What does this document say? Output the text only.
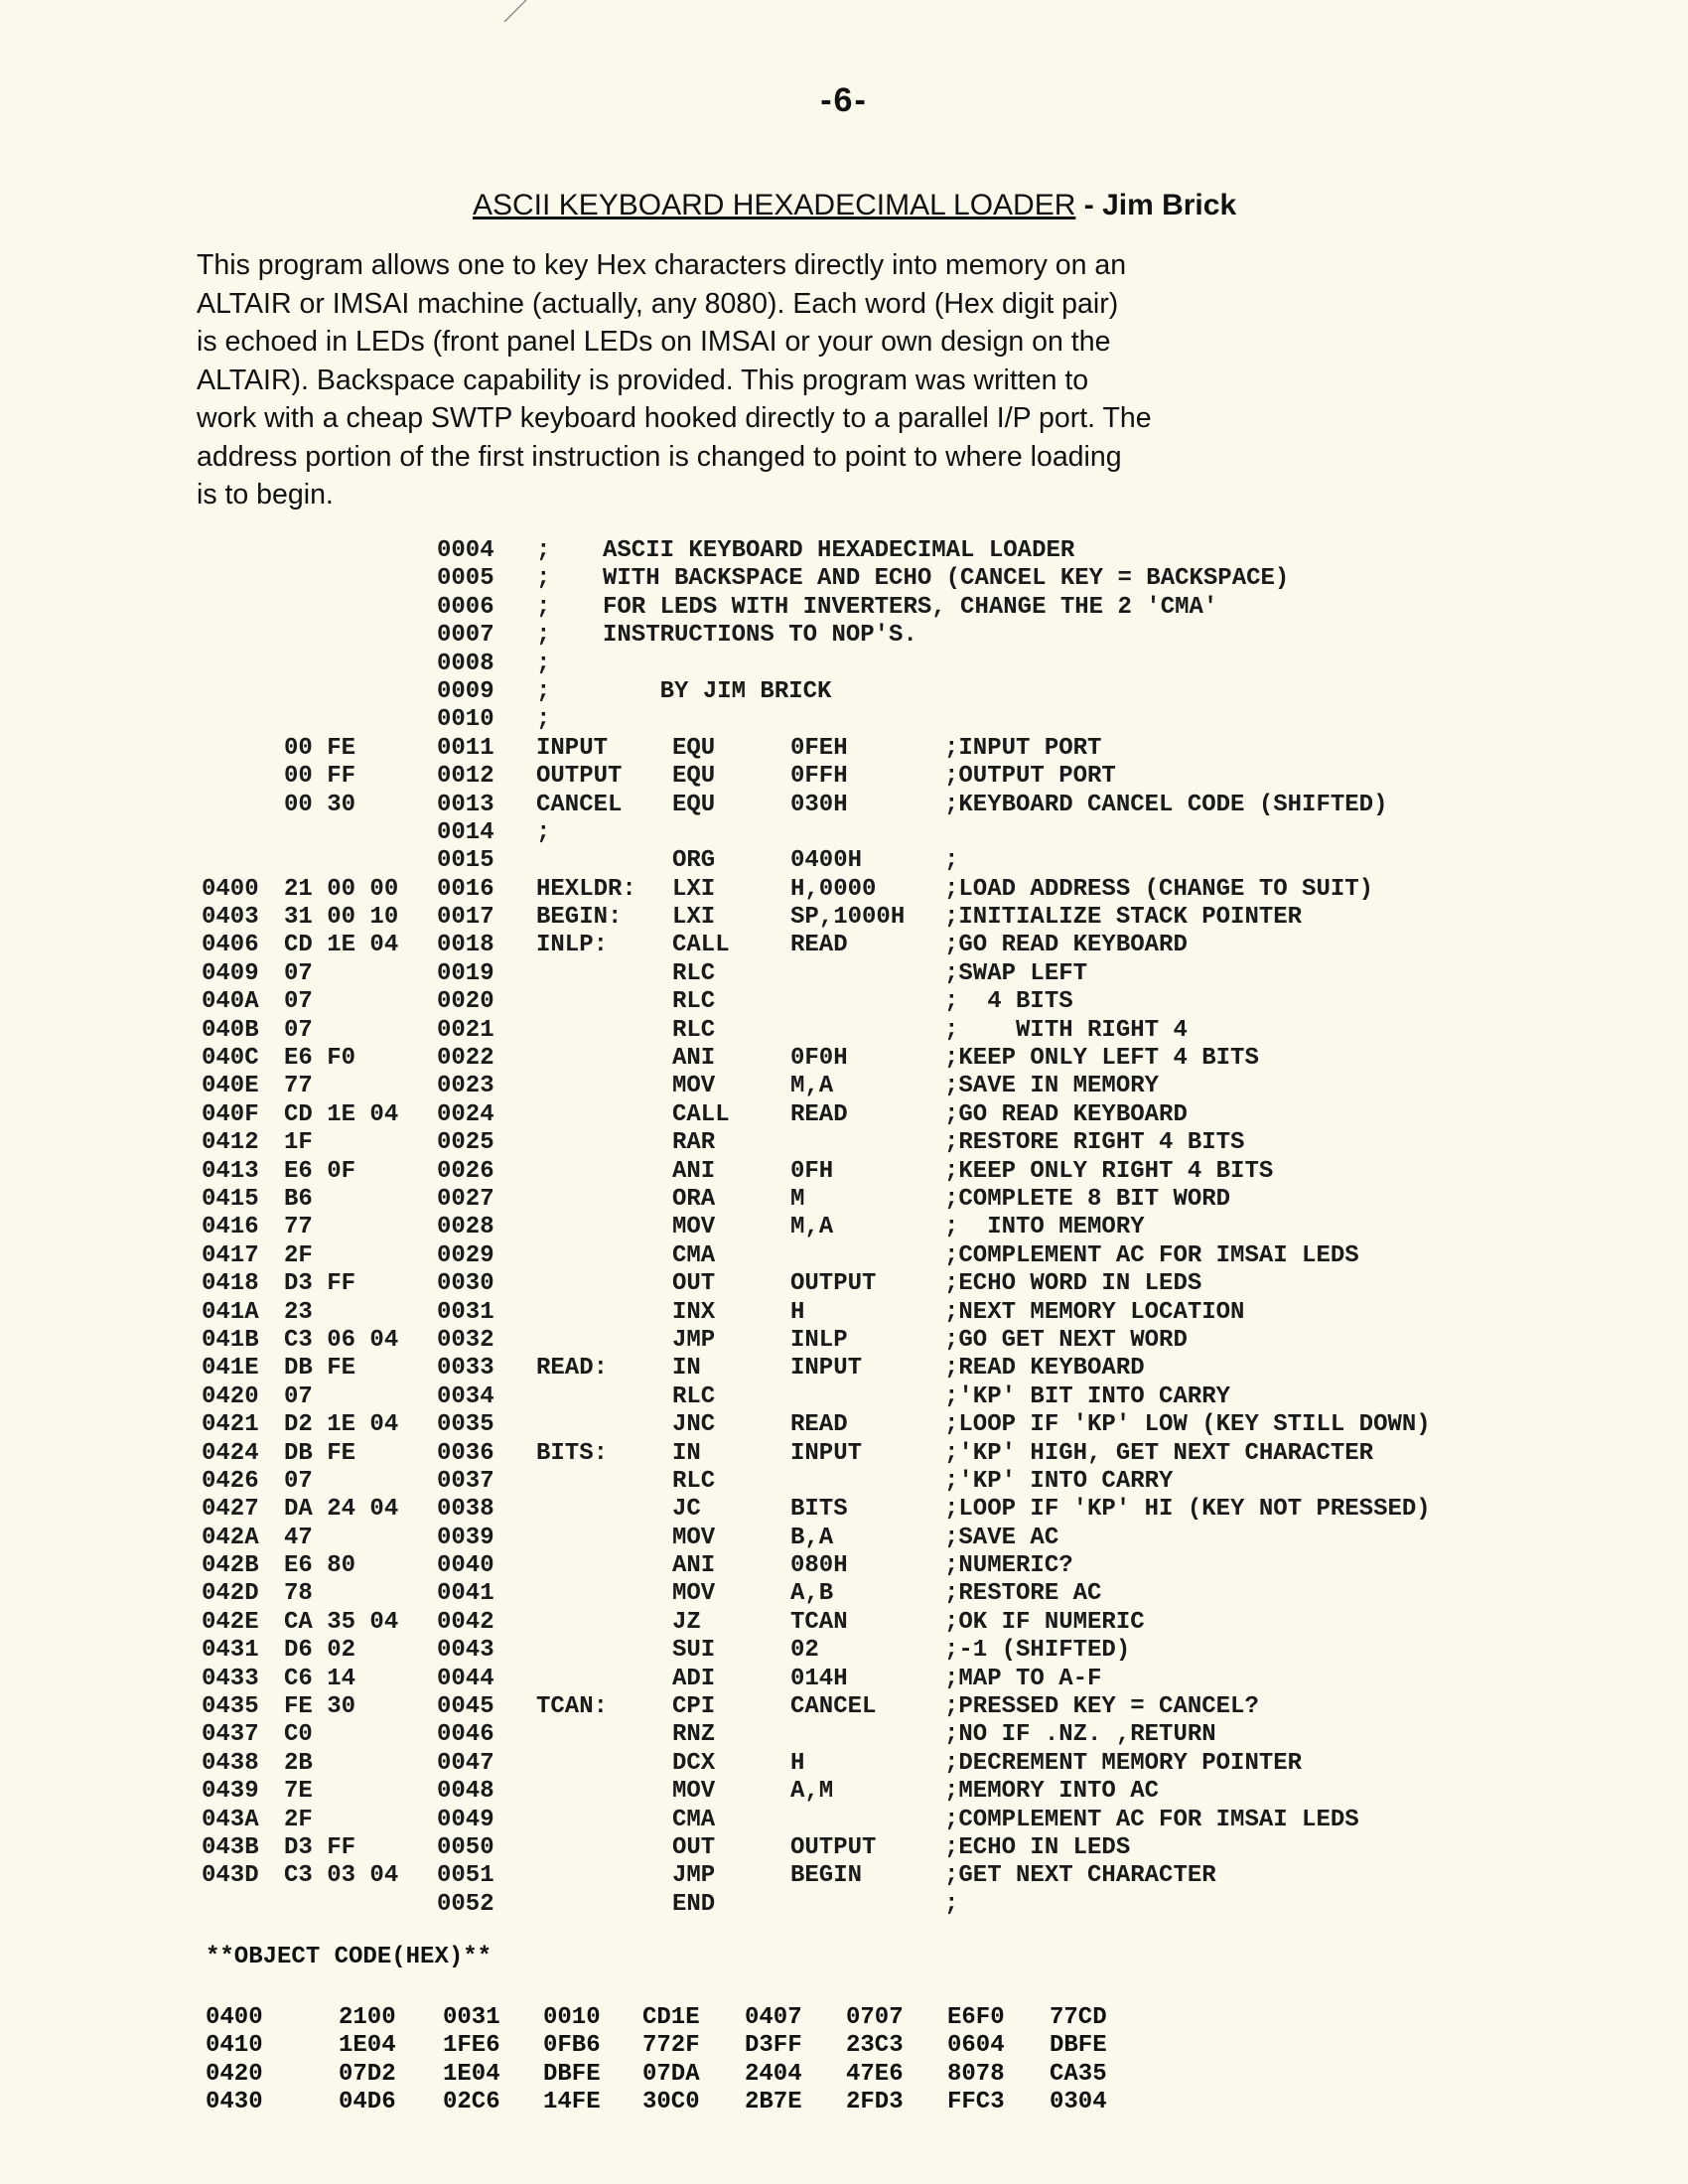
-6-
ASCII KEYBOARD HEXADECIMAL LOADER - Jim Brick
This program allows one to key Hex characters directly into memory on an
ALTAIR or IMSAI machine (actually, any 8080). Each word (Hex digit pair)
is echoed in LEDs (front panel LEDs on IMSAI or your own design on the
ALTAIR). Backspace capability is provided. This program was written to
work with a cheap SWTP keyboard hooked directly to a parallel I/P port. The
address portion of the first instruction is changed to point to where loading
is to begin.
0004 ; ASCII KEYBOARD HEXADECIMAL LOADER
0005 ; WITH BACKSPACE AND ECHO (CANCEL KEY = BACKSPACE)
0006 ; FOR LEDS WITH INVERTERS, CHANGE THE 2 'CMA'
0007 ; INSTRUCTIONS TO NOP'S.
0008 ;
0009 ; BY JIM BRICK
0010 ;
00 FE	0011 INPUT	EQU	0FEH	;INPUT PORT
00 FF	0012 OUTPUT EQU	0FFH	;OUTPUT PORT
00 30	0013 CANCEL EQU	030H	;KEYBOARD CANCEL CODE (SHIFTED)
0014 ;
0015	ORG	0400H	;
0400 21 00 00 0016 HEXLDR: LXI	H,0000	;LOAD ADDRESS (CHANGE TO SUIT)
0403 31 00 10 0017 BEGIN: LXI	SP,1000H ;INITIALIZE STACK POINTER
0406 CD 1E 04 0018 INLP:	CALL	READ	;GO READ KEYBOARD
0409 07	0019	RLC	;SWAP LEFT
040A 07	0020	RLC	;  4 BITS
040B 07	0021	RLC	;    WITH RIGHT 4
040C E6 F0	0022	ANI	0F0H	;KEEP ONLY LEFT 4 BITS
040E 77	0023	MOV	M,A	;SAVE IN MEMORY
040F CD 1E 04 0024	CALL	READ	;GO READ KEYBOARD
0412 1F	0025	RAR	;RESTORE RIGHT 4 BITS
0413 E6 0F	0026	ANI	0FH	;KEEP ONLY RIGHT 4 BITS
0415 B6	0027	ORA	M	;COMPLETE 8 BIT WORD
0416 77	0028	MOV	M,A	;  INTO MEMORY
0417 2F	0029	CMA	;COMPLEMENT AC FOR IMSAI LEDS
0418 D3 FF	0030	OUT	OUTPUT	;ECHO WORD IN LEDS
041A 23	0031	INX	H	;NEXT MEMORY LOCATION
041B C3 06 04 0032	JMP	INLP	;GO GET NEXT WORD
041E DB FE	0033 READ:	IN	INPUT	;READ KEYBOARD
0420 07	0034	RLC	;'KP' BIT INTO CARRY
0421 D2 1E 04 0035	JNC	READ	;LOOP IF 'KP' LOW (KEY STILL DOWN)
0424 DB FE	0036 BITS:	IN	INPUT	;'KP' HIGH, GET NEXT CHARACTER
0426 07	0037	RLC	;'KP' INTO CARRY
0427 DA 24 04 0038	JC	BITS	;LOOP IF 'KP' HI (KEY NOT PRESSED)
042A 47	0039	MOV	B,A	;SAVE AC
042B E6 80	0040	ANI	080H	;NUMERIC?
042D 78	0041	MOV	A,B	;RESTORE AC
042E CA 35 04 0042	JZ	TCAN	;OK IF NUMERIC
0431 D6 02	0043	SUI	02	;-1 (SHIFTED)
0433 C6 14	0044	ADI	014H	;MAP TO A-F
0435 FE 30	0045 TCAN:	CPI	CANCEL	;PRESSED KEY = CANCEL?
0437 C0	0046	RNZ	;NO IF .NZ. ,RETURN
0438 2B	0047	DCX	H	;DECREMENT MEMORY POINTER
0439 7E	0048	MOV	A,M	;MEMORY INTO AC
043A 2F	0049	CMA	;COMPLEMENT AC FOR IMSAI LEDS
043B D3 FF	0050	OUT	OUTPUT	;ECHO IN LEDS
043D C3 03 04 0051	JMP	BEGIN	;GET NEXT CHARACTER
0052	END	;
**OBJECT CODE(HEX)**
0400	2100 0031 0010 CD1E 0407 0707 E6F0 77CD
0410	1E04 1FE6 0FB6 772F D3FF 23C3 0604 DBFE
0420	07D2 1E04 DBFE 07DA 2404 47E6 8078 CA35
0430	04D6 02C6 14FE 30C0 2B7E 2FD3 FFC3 0304
